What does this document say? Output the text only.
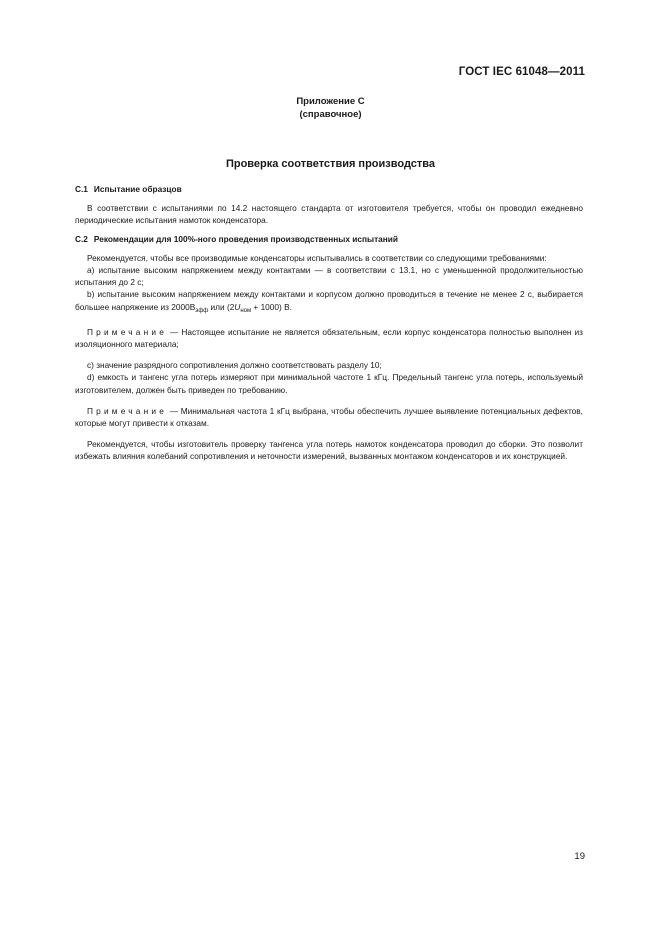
ГОСТ IEC 61048—2011
Приложение С
(справочное)
Проверка соответствия производства

С.1 Испытание образцов

В соответствии с испытаниями по 14.2 настоящего стандарта от изготовителя требуется, чтобы он проводил ежедневно периодические испытания намоток конденсатора.

С.2 Рекомендации для 100%-ного проведения производственных испытаний

Рекомендуется, чтобы все производимые конденсаторы испытывались в соответствии со следующими требованиями:

а) испытание высоким напряжением между контактами — в соответствии с 13.1, но с уменьшенной продолжительностью испытания до 2 с;

b) испытание высоким напряжением между контактами и корпусом должно проводиться в течение не менее 2 с, выбирается большее напряжение из $2000В_{эфф}$ или $(2U_{ном} + 1000)$ В.

Примечание — Настоящее испытание не является обязательным, если корпус конденсатора полностью выполнен из изоляционного материала;

с) значение разрядного сопротивления должно соответствовать разделу 10;

d) емкость и тангенс угла потерь измеряют при минимальной частоте 1 кГц. Предельный тангенс угла потерь, используемый изготовителем, должен быть приведен по требованию.

Примечание — Минимальная частота 1 кГц выбрана, чтобы обеспечить лучшее выявление потенциальных дефектов, которые могут привести к отказам.

Рекомендуется, чтобы изготовитель проверку тангенса угла потерь намоток конденсатора проводил до сборки. Это позволит избежать влияния колебаний сопротивления и неточности измерений, вызванных монтажом конденсаторов и их конструкцией.

19
